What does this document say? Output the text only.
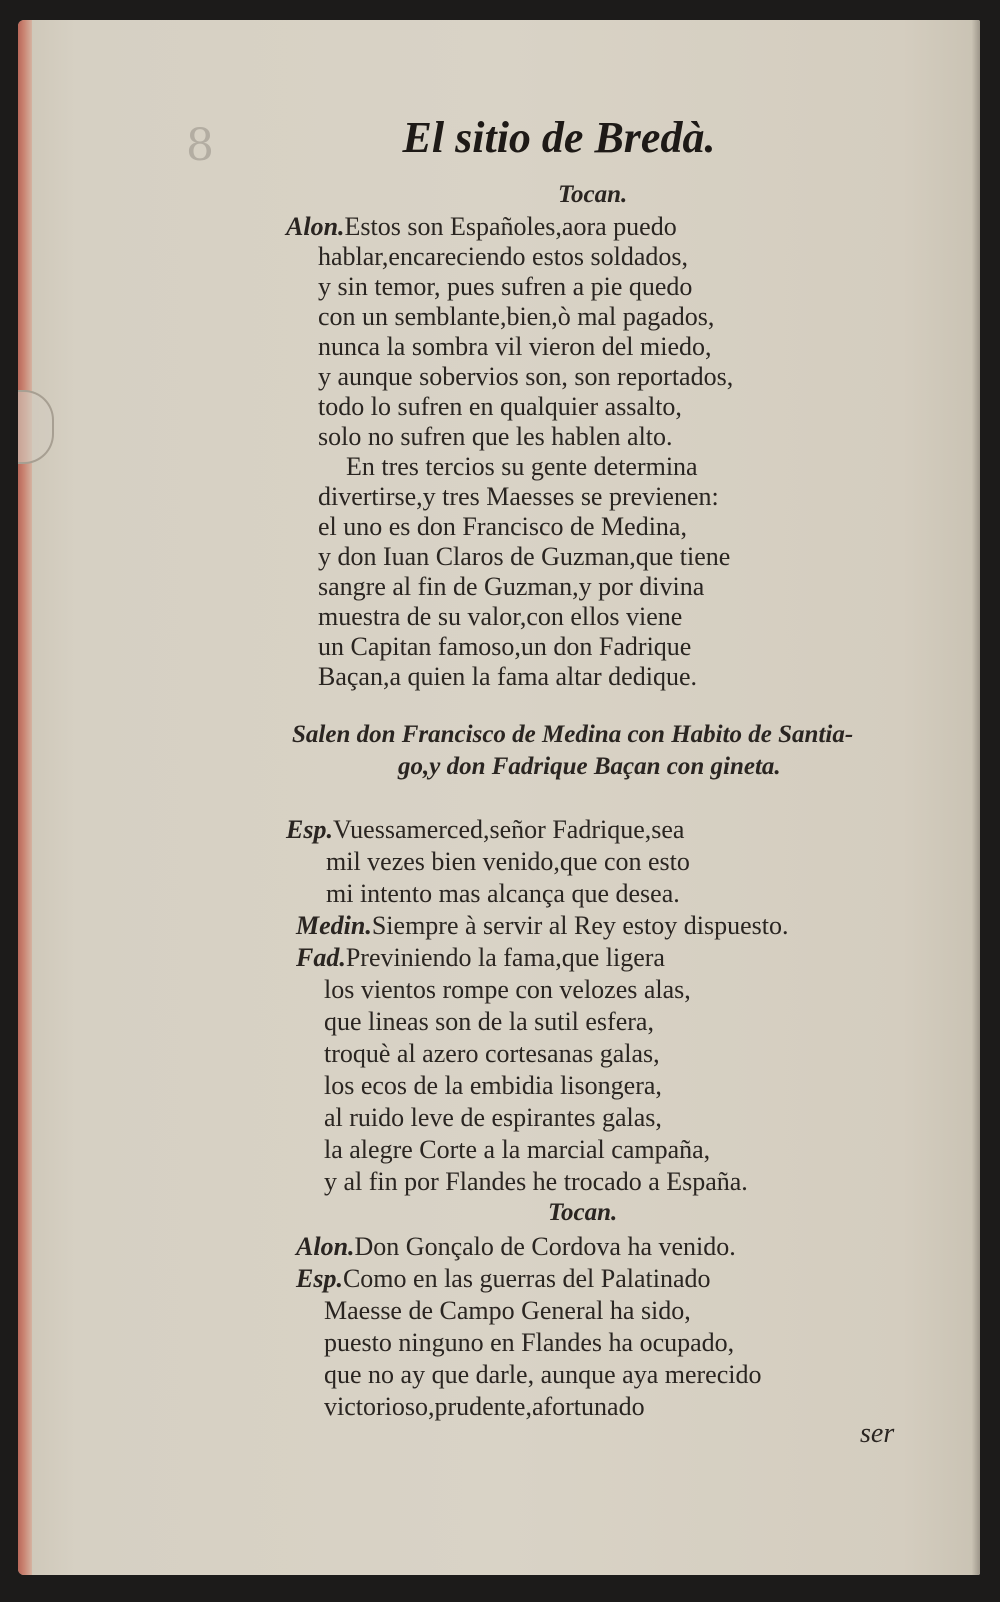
8	El sitio de Bredà.
Tocan.
Alon.Estos son Españoles,aora puedo
hablar,encareciendo estos soldados,
y sin temor, pues sufren a pie quedo
con un semblante,bien,ò mal pagados,
nunca la sombra vil vieron del miedo,
y aunque sobervios son, son reportados,
todo lo sufren en qualquier assalto,
solo no sufren que les hablen alto.
En tres tercios su gente determina
divertirse,y tres Maesses se previenen:
el uno es don Francisco de Medina,
y don Iuan Claros de Guzman,que tiene
sangre al fin de Guzman,y por divina
muestra de su valor,con ellos viene
un Capitan famoso,un don Fadrique
Baçan,a quien la fama altar dedique.
Salen don Francisco de Medina con Habito de Santia-
go,y don Fadrique Baçan con gineta.
Esp.Vuessamerced,señor Fadrique,sea
mil vezes bien venido,que con esto
mi intento mas alcança que desea.
Medin.Siempre à servir al Rey estoy dispuesto.
Fad.Previniendo la fama,que ligera
los vientos rompe con velozes alas,
que lineas son de la sutil esfera,
troquè al azero cortesanas galas,
los ecos de la embidia lisongera,
al ruido leve de espirantes galas,
la alegre Corte a la marcial campaña,
y al fin por Flandes he trocado a España.
Tocan.
Alon.Don Gonçalo de Cordova ha venido.
Esp.Como en las guerras del Palatinado
Maesse de Campo General ha sido,
puesto ninguno en Flandes ha ocupado,
que no ay que darle, aunque aya merecido
victorioso,prudente,afortunado
ser
